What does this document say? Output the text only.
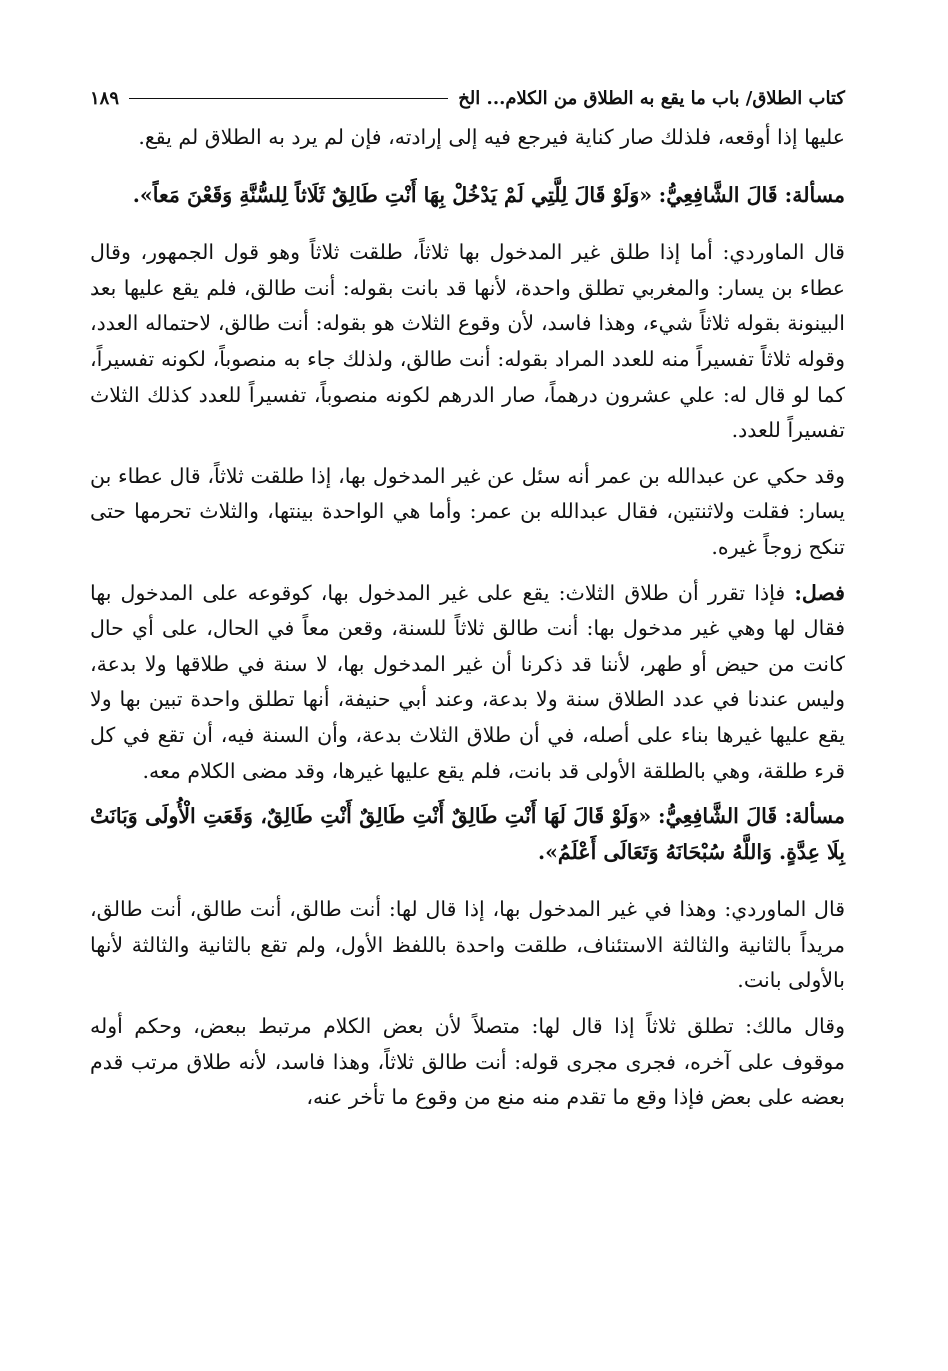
كتاب الطلاق/ باب ما يقع به الطلاق من الكلام... الخ
١٨٩

عليها إذا أوقعه، فلذلك صار كناية فيرجع فيه إلى إرادته، فإن لم يرد به الطلاق لم يقع.

مسألة: قَالَ الشَّافِعِيُّ: «وَلَوْ قَالَ لِلَّتِي لَمْ يَدْخُلْ بِهَا أَنْتِ طَالِقٌ ثَلَاثاً لِلسُّنَّةِ وَقَعْنَ مَعاً».

قال الماوردي: أما إذا طلق غير المدخول بها ثلاثاً، طلقت ثلاثاً وهو قول الجمهور، وقال عطاء بن يسار: والمغربي تطلق واحدة، لأنها قد بانت بقوله: أنت طالق، فلم يقع عليها بعد البينونة بقوله ثلاثاً شيء، وهذا فاسد، لأن وقوع الثلاث هو بقوله: أنت طالق، لاحتماله العدد، وقوله ثلاثاً تفسيراً منه للعدد المراد بقوله: أنت طالق، ولذلك جاء به منصوباً، لكونه تفسيراً، كما لو قال له: علي عشرون درهماً، صار الدرهم لكونه منصوباً، تفسيراً للعدد كذلك الثلاث تفسيراً للعدد.

وقد حكي عن عبدالله بن عمر أنه سئل عن غير المدخول بها، إذا طلقت ثلاثاً، قال عطاء بن يسار: فقلت ولاثنتين، فقال عبدالله بن عمر: وأما هي الواحدة بينتها، والثلاث تحرمها حتى تنكح زوجاً غيره.

فصل: فإذا تقرر أن طلاق الثلاث: يقع على غير المدخول بها، كوقوعه على المدخول بها فقال لها وهي غير مدخول بها: أنت طالق ثلاثاً للسنة، وقعن معاً في الحال، على أي حال كانت من حيض أو طهر، لأننا قد ذكرنا أن غير المدخول بها، لا سنة في طلاقها ولا بدعة، وليس عندنا في عدد الطلاق سنة ولا بدعة، وعند أبي حنيفة، أنها تطلق واحدة تبين بها ولا يقع عليها غيرها بناء على أصله، في أن طلاق الثلاث بدعة، وأن السنة فيه، أن تقع في كل قرء طلقة، وهي بالطلقة الأولى قد بانت، فلم يقع عليها غيرها، وقد مضى الكلام معه.

مسألة: قَالَ الشَّافِعِيُّ: «وَلَوْ قَالَ لَهَا أَنْتِ طَالِقٌ أَنْتِ طَالِقٌ أَنْتِ طَالِقٌ، وَقَعَتِ الْأُولَى وَبَانَتْ بِلَا عِدَّةٍ. وَاللَّهُ سُبْحَانَهُ وَتَعَالَى أَعْلَمُ».

قال الماوردي: وهذا في غير المدخول بها، إذا قال لها: أنت طالق، أنت طالق، أنت طالق، مريداً بالثانية والثالثة الاستئناف، طلقت واحدة باللفظ الأول، ولم تقع بالثانية والثالثة لأنها بالأولى بانت.

وقال مالك: تطلق ثلاثاً إذا قال لها: متصلاً لأن بعض الكلام مرتبط ببعض، وحكم أوله موقوف على آخره، فجرى مجرى قوله: أنت طالق ثلاثاً، وهذا فاسد، لأنه طلاق مرتب قدم بعضه على بعض فإذا وقع ما تقدم منه منع من وقوع ما تأخر عنه،
